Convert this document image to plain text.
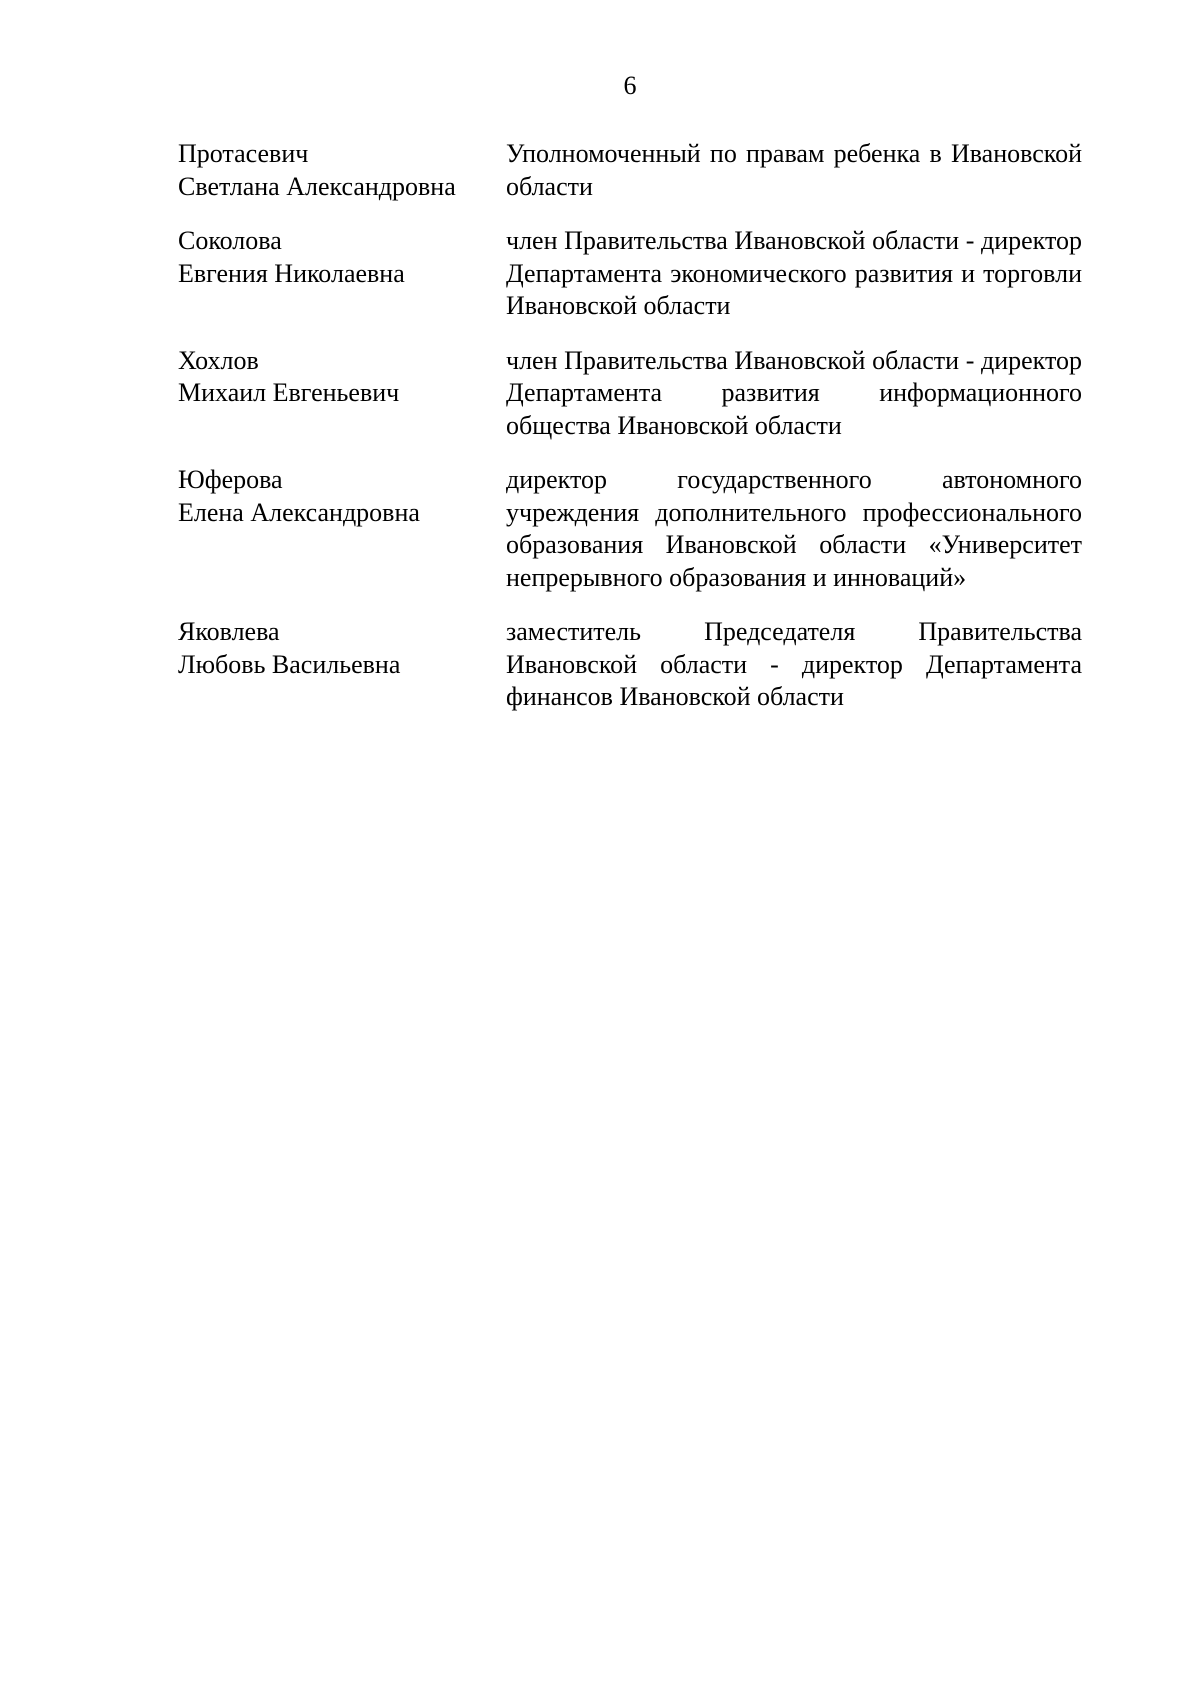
6
Протасевич
Светлана Александровна
Уполномоченный по правам ребенка в Ивановской области
Соколова
Евгения Николаевна
член Правительства Ивановской области - директор Департамента экономического развития и торговли Ивановской области
Хохлов
Михаил Евгеньевич
член Правительства Ивановской области - директор Департамента развития информационного общества Ивановской области
Юферова
Елена Александровна
директор государственного автономного учреждения дополнительного профессионального образования Ивановской области «Университет непрерывного образования и инноваций»
Яковлева
Любовь Васильевна
заместитель Председателя Правительства Ивановской области - директор Департамента финансов Ивановской области
